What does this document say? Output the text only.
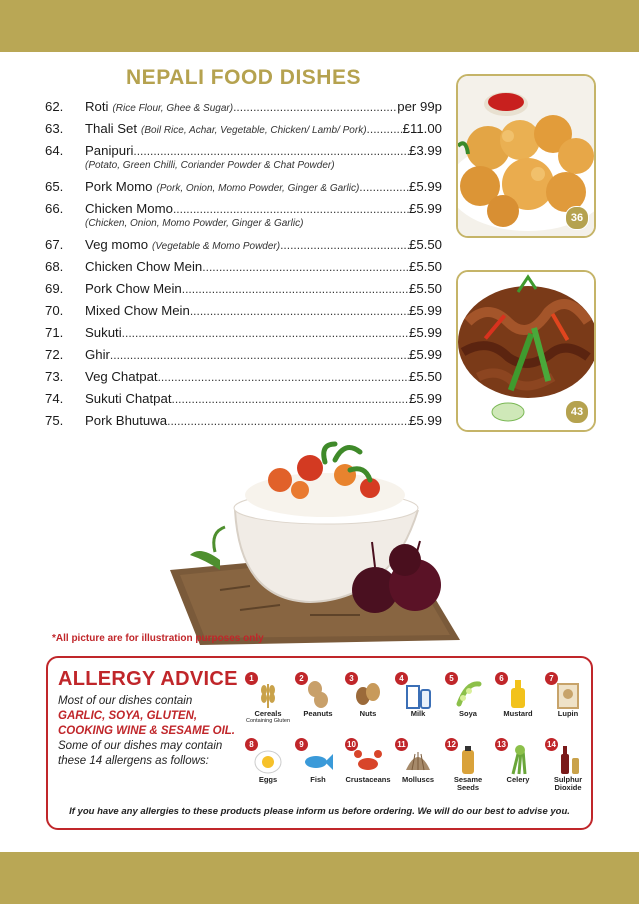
NEPALI FOOD DISHES
62.	Roti (Rice Flour, Ghee & Sugar) .....	per 99p
63.	Thali Set (Boil Rice, Achar, Vegetable, Chicken/ Lamb/ Pork) .....	£11.00
64.	Panipuri .....	£3.99
(Potato, Green Chilli, Coriander Powder & Chat Powder)
65.	Pork Momo (Pork, Onion, Momo Powder, Ginger & Garlic) .....	£5.99
66.	Chicken Momo .....	£5.99
(Chicken, Onion, Momo Powder, Ginger & Garlic)
67.	Veg momo (Vegetable & Momo Powder) .....	£5.50
68.	Chicken Chow Mein .....	£5.50
69.	Pork Chow Mein .....	£5.50
70.	Mixed Chow Mein .....	£5.99
71.	Sukuti .....	£5.99
72.	Ghir .....	£5.99
73.	Veg Chatpat .....	£5.50
74.	Sukuti Chatpat .....	£5.99
75.	Pork Bhutuwa .....	£5.99
36
43
*All picture are for illustration purposes only
ALLERGY ADVICE
Most of our dishes contain
GARLIC, SOYA, GLUTEN,
COOKING WINE & SESAME OIL.
Some of our dishes may contain
these 14 allergens as follows:
1
Cereals
Containing Gluten
2
Peanuts
3
Nuts
4
Milk
5
Soya
6
Mustard
7
Lupin
8
Eggs
9
Fish
10
Crustaceans
11
Molluscs
12
Sesame
Seeds
13
Celery
14
Sulphur
Dioxide
If you have any allergies to these products please inform us before ordering. We will do our best to advise you.
